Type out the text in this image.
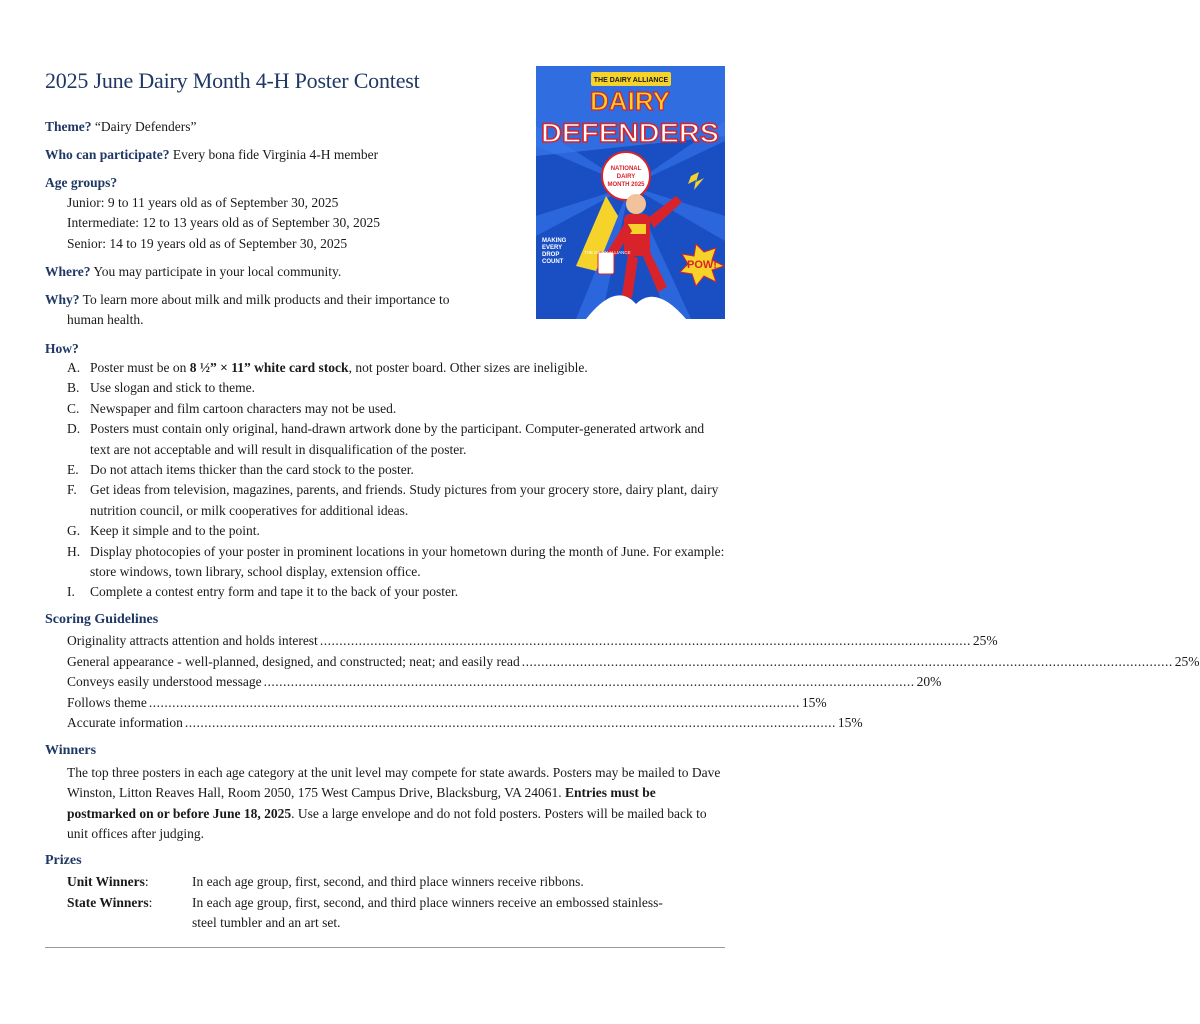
2025 June Dairy Month 4-H Poster Contest

Theme? “Dairy Defenders”

Who can participate? Every bona fide Virginia 4-H member

Age groups?

Junior: 9 to 11 years old as of September 30, 2025
Intermediate: 12 to 13 years old as of September 30, 2025
Senior: 14 to 19 years old as of September 30, 2025

Where? You may participate in your local community.

Why? To learn more about milk and milk products and their importance to

human health.

How?

A. Poster must be on 8 ½” × 11” white card stock, not poster board. Other sizes are ineligible.
B. Use slogan and stick to theme.
C. Newspaper and film cartoon characters may not be used.
D. Posters must contain only original, hand-drawn artwork done by the participant. Computer-generated artwork and text are not acceptable and will result in disqualification of the poster.
E. Do not attach items thicker than the card stock to the poster.
F. Get ideas from television, magazines, parents, and friends. Study pictures from your grocery store, dairy plant, dairy nutrition council, or milk cooperatives for additional ideas.
G. Keep it simple and to the point.
H. Display photocopies of your poster in prominent locations in your hometown during the month of June. For example: store windows, town library, school display, extension office.
I. Complete a contest entry form and tape it to the back of your poster.
Scoring Guidelines
Originality attracts attention and holds interest ........................................................................................................................................................................ 25%
General appearance - well-planned, designed, and constructed; neat; and easily read ........................................................................................................................................................................ 25%
Conveys easily understood message ........................................................................................................................................................................ 20%
Follows theme ........................................................................................................................................................................ 15%
Accurate information ........................................................................................................................................................................ 15%
Winners

The top three posters in each age category at the unit level may compete for state awards. Posters may be mailed to Dave Winston, Litton Reaves Hall, Room 2050, 175 West Campus Drive, Blacksburg, VA 24061. Entries must be postmarked on or before June 18, 2025. Use a large envelope and do not fold posters. Posters will be mailed back to unit offices after judging.

Prizes
Unit Winners:	In each age group, first, second, and third place winners receive ribbons.
State Winners:	In each age group, first, second, and third place winners receive an embossed stainless-steel tumbler and an art set.
THE DAIRY ALLIANCE
DAIRY
DEFENDERS
NATIONAL
DAIRY
MONTH 2025
MAKING
EVERY
DROP
COUNT
THE DAIRY ALLIANCE
POW!
